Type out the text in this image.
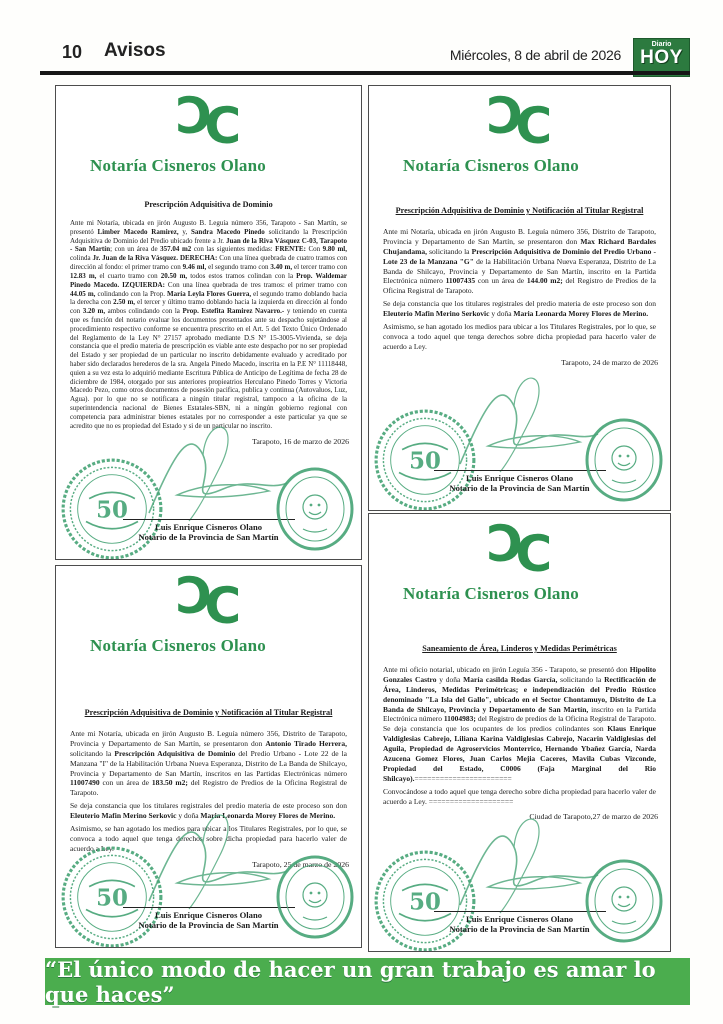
10 Avisos	Miércoles, 8 de abril de 2026
Diario
HOY
ƆC
Notaría Cisneros Olano
Prescripción Adquisitiva de Dominio

Ante mi Notaría, ubicada en jirón Augusto B. Leguía número 356, Tarapoto - San Martín, se presentó Limber Macedo Ramirez, y, Sandra Macedo Pinedo solicitando la Prescripción Adquisitiva de Dominio del Predio ubicado frente a Jr. Juan de la Riva Vásquez C-03, Tarapoto - San Martín; con un área de 357.04 m2 con las siguientes medidas: FRENTE: Con 9.80 ml, colinda Jr. Juan de la Riva Vásquez. DERECHA: Con una línea quebrada de cuatro tramos con dirección al fondo: el primer tramo con 9.46 ml, el segundo tramo con 3.40 m, el tercer tramo con 12.83 m, el cuarto tramo con 20.50 m, todos estos tramos colindan con la Prop. Waldemar Pinedo Macedo. IZQUIERDA: Con una línea quebrada de tres tramos: el primer tramo con 44.05 m, colindando con la Prop. María Leyla Flores Guerra, el segundo tramo doblando hacia la derecha con 2.50 m, el tercer y último tramo doblando hacia la izquierda en dirección al fondo con 3.20 m, ambos colindando con la Prop. Estefita Ramirez Navarro.- y teniendo en cuenta que es función del notario evaluar los documentos presentados ante su despacho sujetándose al procedimiento respectivo conforme se encuentra prescrito en el Art. 5 del Texto Único Ordenado del Reglamento de la Ley N° 27157 aprobado mediante D.S N° 15-3005-Vivienda, se deja constancia que el predio materia de prescripción es viable ante este despacho por no ser propiedad del Estado y ser propiedad de un particular no inscrito debidamente evaluado y acreditado por haber sido declarados herederos de la sra. Angela Pinedo Macedo, inscrita en la P.E N° 11118448, quien a su vez esta lo adquirió mediante Escritura Pública de Anticipo de Legítima de fecha 28 de diciembre de 1984, otorgado por sus anteriores propieatrios Herculano Pinedo Torres y Victoria Macedo Pezo, como otros documentos de posesión pacifica, publica y continua (Autovaluos, Luz, Agua). por lo que no se notificara a ningún titular registral, tampoco a la oficina de la superintendencia nacional de Bienes Estatales-SBN, ni a ningún gobierno regional con competencia para administrar bienes estatales por no corresponder a este particular ya que se acredito que no es propiedad del Estado y si de un particular no inscrito.

Tarapoto, 16 de marzo de 2026
50
Luis Enrique Cisneros Olano
Notario de la Provincia de San Martín
ƆC
Notaría Cisneros Olano
Prescripción Adquisitiva de Dominio y Notificación al Titular Registral

Ante mi Notaría, ubicada en jirón Augusto B. Leguía número 356, Distrito de Tarapoto, Provincia y Departamento de San Martín, se presentaron don Max Richard Bardales Chujandama, solicitando la Prescripción Adquisitiva de Dominio del Predio Urbano - Lote 23 de la Manzana "G" de la Habilitación Urbana Nueva Esperanza, Distrito de La Banda de Shilcayo, Provincia y Departamento de San Martín, inscrito en la Partida Electrónica número 11007435 con un área de 144.00 m2; del Registro de Predios de la Oficina Registral de Tarapoto.

Se deja constancia que los titulares registrales del predio materia de este proceso son don Eleuterio Mafin Merino Serkovic y doña Maria Leonarda Morey Flores de Merino.

Asimismo, se han agotado los medios para ubicar a los Titulares Registrales, por lo que, se convoca a todo aquel que tenga derechos sobre dicha propiedad para hacerlo valer de acuerdo a Ley.

Tarapoto, 24 de marzo de 2026
50
Luis Enrique Cisneros Olano
Notario de la Provincia de San Martín
ƆC
Notaría Cisneros Olano
Prescripción Adquisitiva de Dominio y Notificación al Titular Registral

Ante mi Notaría, ubicada en jirón Augusto B. Leguía número 356, Distrito de Tarapoto, Provincia y Departamento de San Martín, se presentaron don Antonio Tirado Herrera, solicitando la Prescripción Adquisitiva de Dominio del Predio Urbano - Lote 22 de la Manzana "I" de la Habilitación Urbana Nueva Esperanza, Distrito de La Banda de Shilcayo, Provincia y Departamento de San Martín, inscritos en las Partidas Electrónicas número 11007490 con un área de 183.50 m2; del Registro de Predios de la Oficina Registral de Tarapoto.

Se deja constancia que los titulares registrales del predio materia de este proceso son don Eleuterio Mafin Merino Serkovic y doña Maria Leonarda Morey Flores de Merino.

Asimismo, se han agotado los medios para ubicar a los Titulares Registrales, por lo que, se convoca a todo aquel que tenga derechos sobre dicha propiedad para hacerlo valer de acuerdo a Ley.

Tarapoto, 25 de marzo de 2026
50
Luis Enrique Cisneros Olano
Notario de la Provincia de San Martín
ƆC
Notaría Cisneros Olano
Saneamiento de Área, Linderos y Medidas Perimétricas

Ante mi oficio notarial, ubicado en jirón Leguía 356 - Tarapoto, se presentó don Hipolito Gonzales Castro y doña María casilda Rodas García, solicitando la Rectificación de Área, Linderos, Medidas Perimétricas; e independización del Predio Rústico denominado "La Isla del Gallo", ubicado en el Sector Chontamuyo, Distrito de La Banda de Shilcayo, Provincia y Departamento de San Martín, inscrito en la Partida Electrónica número 11004983; del Registro de predios de la Oficina Registral de Tarapoto. Se deja constancia que los ocupantes de los predios colindantes son Klaus Enrique Valdiglesias Cabrejo, Liliana Karina Valdiglesias Cabrejo, Nacarin Valdiglesias del Aguila, Propiedad de Agroservicios Monterrico, Hernando Ybañez García, Narda Azucena Gomez Flores, Juan Carlos Mejia Caceres, Mavila Cubas Vizconde, Propiedad del Estado, C0006 (Faja Marginal del Rio Shilcayo).=======================

Convocándose a todo aquel que tenga derecho sobre dicha propiedad para hacerlo valer de acuerdo a Ley. ====================

Ciudad de Tarapoto,27 de marzo de 2026
50
Luis Enrique Cisneros Olano
Notario de la Provincia de San Martín
“El único modo de hacer un gran trabajo es amar lo que haces”
